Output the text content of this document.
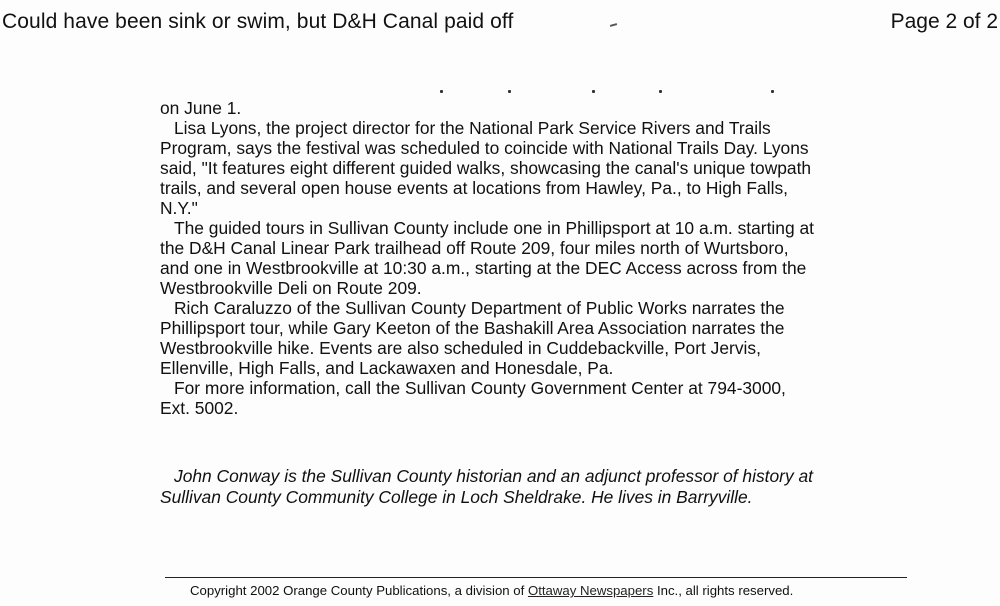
Could have been sink or swim, but D&H Canal paid off	Page 2 of 2

on June 1.

Lisa Lyons, the project director for the National Park Service Rivers and Trails
Program, says the festival was scheduled to coincide with National Trails Day. Lyons
said, "It features eight different guided walks, showcasing the canal's unique towpath
trails, and several open house events at locations from Hawley, Pa., to High Falls,
N.Y."

The guided tours in Sullivan County include one in Phillipsport at 10 a.m. starting at
the D&H Canal Linear Park trailhead off Route 209, four miles north of Wurtsboro,
and one in Westbrookville at 10:30 a.m., starting at the DEC Access across from the
Westbrookville Deli on Route 209.

Rich Caraluzzo of the Sullivan County Department of Public Works narrates the
Phillipsport tour, while Gary Keeton of the Bashakill Area Association narrates the
Westbrookville hike. Events are also scheduled in Cuddebackville, Port Jervis,
Ellenville, High Falls, and Lackawaxen and Honesdale, Pa.

For more information, call the Sullivan County Government Center at 794-3000,
Ext. 5002.

John Conway is the Sullivan County historian and an adjunct professor of history at
Sullivan County Community College in Loch Sheldrake. He lives in Barryville.
Copyright 2002 Orange County Publications, a division of Ottaway Newspapers Inc., all rights reserved.
